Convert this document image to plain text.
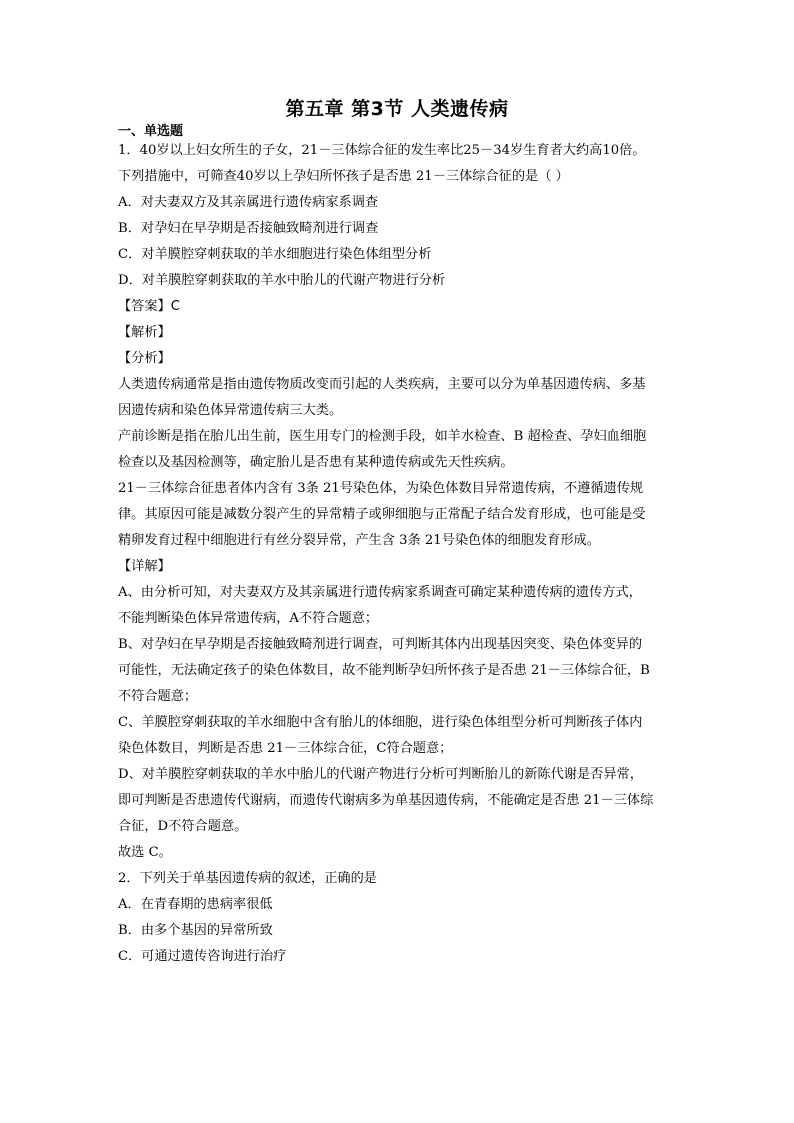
第五章 第3节 人类遗传病
一、单选题
1．40岁以上妇女所生的子女，21－三体综合征的发生率比25－34岁生育者大约高10倍。
下列措施中，可筛查40岁以上孕妇所怀孩子是否患 21－三体综合征的是（ ）
A．对夫妻双方及其亲属进行遗传病家系调查
B．对孕妇在早孕期是否接触致畸剂进行调查
C．对羊膜腔穿刺获取的羊水细胞进行染色体组型分析
D．对羊膜腔穿刺获取的羊水中胎儿的代谢产物进行分析
【答案】C
【解析】
【分析】
人类遗传病通常是指由遗传物质改变而引起的人类疾病，主要可以分为单基因遗传病、多基
因遗传病和染色体异常遗传病三大类。
产前诊断是指在胎儿出生前，医生用专门的检测手段，如羊水检查、B 超检查、孕妇血细胞
检查以及基因检测等，确定胎儿是否患有某种遗传病或先天性疾病。
21－三体综合征患者体内含有 3条 21号染色体，为染色体数目异常遗传病，不遵循遗传规
律。其原因可能是减数分裂产生的异常精子或卵细胞与正常配子结合发育形成，也可能是受
精卵发育过程中细胞进行有丝分裂异常，产生含 3条 21号染色体的细胞发育形成。
【详解】
A、由分析可知，对夫妻双方及其亲属进行遗传病家系调查可确定某种遗传病的遗传方式，
不能判断染色体异常遗传病，A不符合题意；
B、对孕妇在早孕期是否接触致畸剂进行调查，可判断其体内出现基因突变、染色体变异的
可能性，无法确定孩子的染色体数目，故不能判断孕妇所怀孩子是否患 21－三体综合征，B
不符合题意；
C、羊膜腔穿刺获取的羊水细胞中含有胎儿的体细胞，进行染色体组型分析可判断孩子体内
染色体数目，判断是否患 21－三体综合征，C符合题意；
D、对羊膜腔穿刺获取的羊水中胎儿的代谢产物进行分析可判断胎儿的新陈代谢是否异常，
即可判断是否患遗传代谢病，而遗传代谢病多为单基因遗传病，不能确定是否患 21－三体综
合征，D不符合题意。
故选 C。
2．下列关于单基因遗传病的叙述，正确的是
A．在青春期的患病率很低
B．由多个基因的异常所致
C．可通过遗传咨询进行治疗
